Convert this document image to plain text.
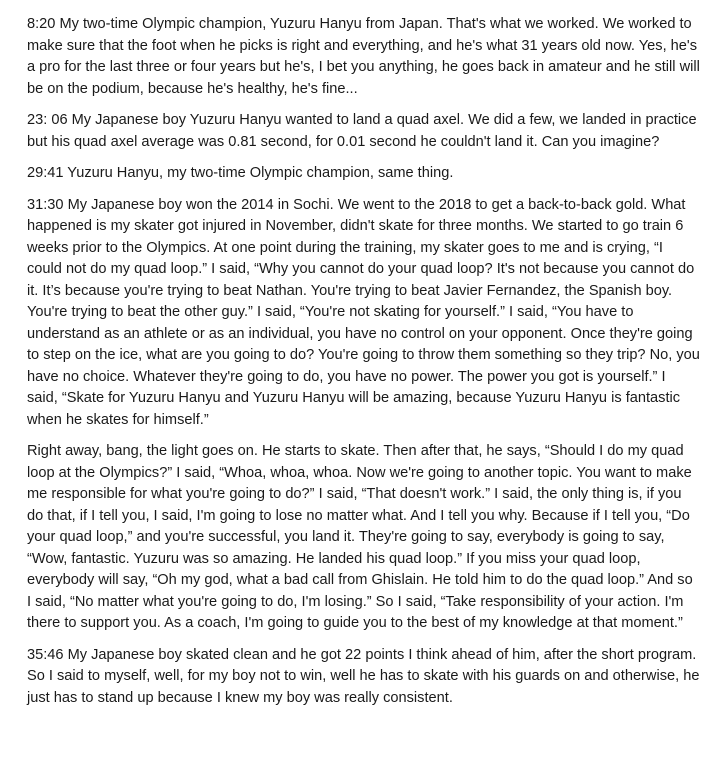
8:20 My two-time Olympic champion, Yuzuru Hanyu from Japan. That's what we worked. We worked to make sure that the foot when he picks is right and everything, and he's what 31 years old now. Yes, he's a pro for the last three or four years but he's, I bet you anything, he goes back in amateur and he still will be on the podium, because he's healthy, he's fine...

23: 06 My Japanese boy Yuzuru Hanyu wanted to land a quad axel. We did a few, we landed in practice but his quad axel average was 0.81 second, for 0.01 second he couldn't land it. Can you imagine?

29:41 Yuzuru Hanyu, my two-time Olympic champion, same thing.

31:30 My Japanese boy won the 2014 in Sochi. We went to the 2018 to get a back-to-back gold. What happened is my skater got injured in November, didn't skate for three months. We started to go train 6 weeks prior to the Olympics. At one point during the training, my skater goes to me and is crying, “I could not do my quad loop.” I said, “Why you cannot do your quad loop? It's not because you cannot do it. It’s because you're trying to beat Nathan. You're trying to beat Javier Fernandez, the Spanish boy. You're trying to beat the other guy.” I said, “You're not skating for yourself.” I said, “You have to understand as an athlete or as an individual, you have no control on your opponent. Once they're going to step on the ice, what are you going to do? You're going to throw them something so they trip? No, you have no choice. Whatever they're going to do, you have no power. The power you got is yourself.” I said, “Skate for Yuzuru Hanyu and Yuzuru Hanyu will be amazing, because Yuzuru Hanyu is fantastic when he skates for himself.”

Right away, bang, the light goes on. He starts to skate. Then after that, he says, “Should I do my quad loop at the Olympics?” I said, “Whoa, whoa, whoa. Now we're going to another topic. You want to make me responsible for what you're going to do?” I said, “That doesn't work.” I said, the only thing is, if you do that, if I tell you, I said, I'm going to lose no matter what. And I tell you why. Because if I tell you, “Do your quad loop,” and you're successful, you land it. They're going to say, everybody is going to say, “Wow, fantastic. Yuzuru was so amazing. He landed his quad loop.” If you miss your quad loop, everybody will say, “Oh my god, what a bad call from Ghislain. He told him to do the quad loop.” And so I said, “No matter what you're going to do, I'm losing.” So I said, “Take responsibility of your action. I'm there to support you. As a coach, I'm going to guide you to the best of my knowledge at that moment.”

35:46 My Japanese boy skated clean and he got 22 points I think ahead of him, after the short program. So I said to myself, well, for my boy not to win, well he has to skate with his guards on and otherwise, he just has to stand up because I knew my boy was really consistent.
